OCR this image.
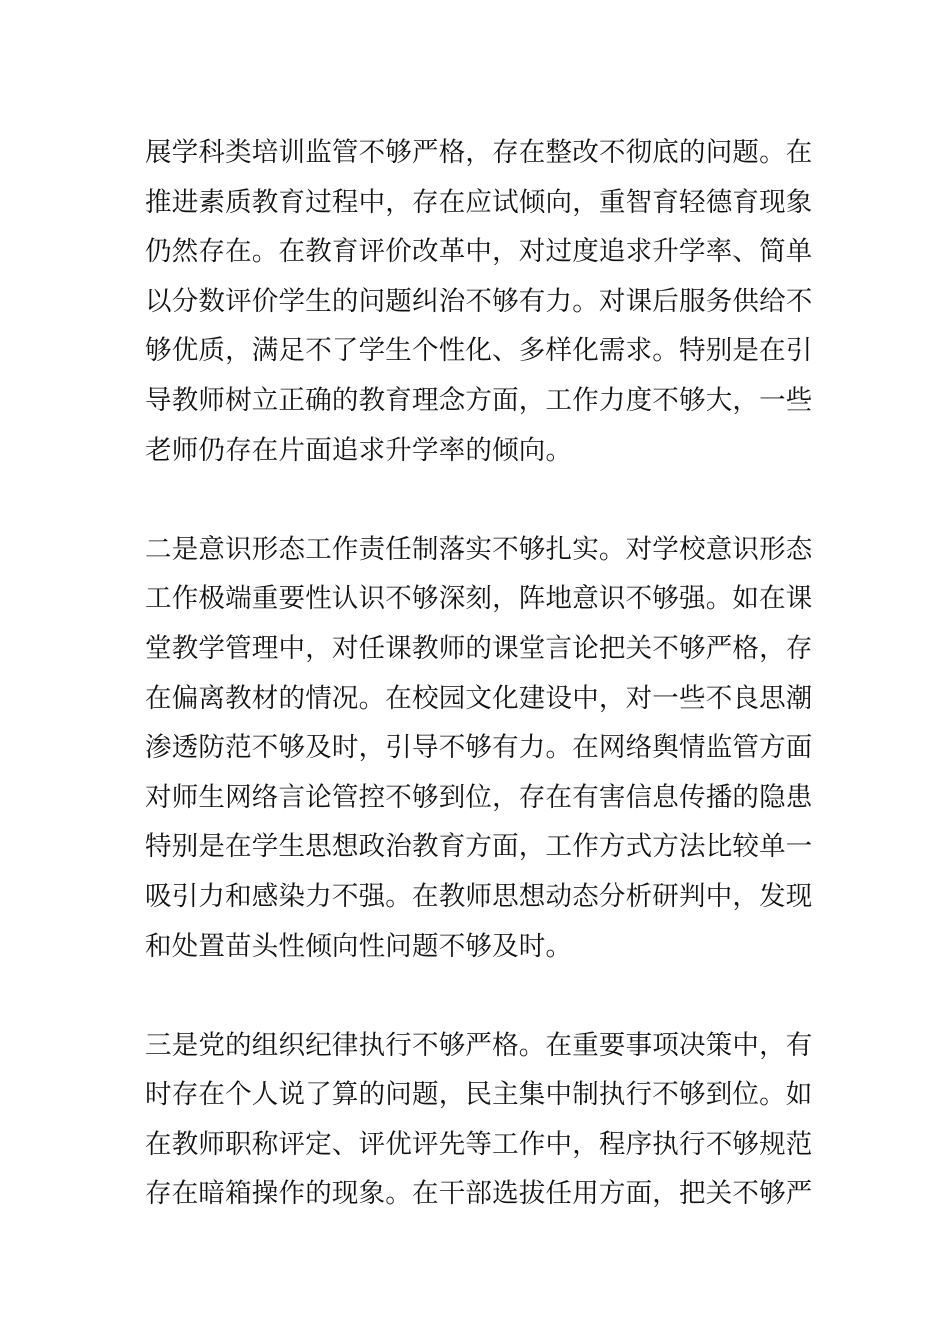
展学科类培训监管不够严格，存在整改不彻底的问题。在
推进素质教育过程中，存在应试倾向，重智育轻德育现象
仍然存在。在教育评价改革中，对过度追求升学率、简单
以分数评价学生的问题纠治不够有力。对课后服务供给不
够优质，满足不了学生个性化、多样化需求。特别是在引
导教师树立正确的教育理念方面，工作力度不够大，一些
老师仍存在片面追求升学率的倾向。
二是意识形态工作责任制落实不够扎实。对学校意识形态
工作极端重要性认识不够深刻，阵地意识不够强。如在课
堂教学管理中，对任课教师的课堂言论把关不够严格，存
在偏离教材的情况。在校园文化建设中，对一些不良思潮
渗透防范不够及时，引导不够有力。在网络舆情监管方面
对师生网络言论管控不够到位，存在有害信息传播的隐患
特别是在学生思想政治教育方面，工作方式方法比较单一
吸引力和感染力不强。在教师思想动态分析研判中，发现
和处置苗头性倾向性问题不够及时。
三是党的组织纪律执行不够严格。在重要事项决策中，有
时存在个人说了算的问题，民主集中制执行不够到位。如
在教师职称评定、评优评先等工作中，程序执行不够规范
存在暗箱操作的现象。在干部选拔任用方面，把关不够严
